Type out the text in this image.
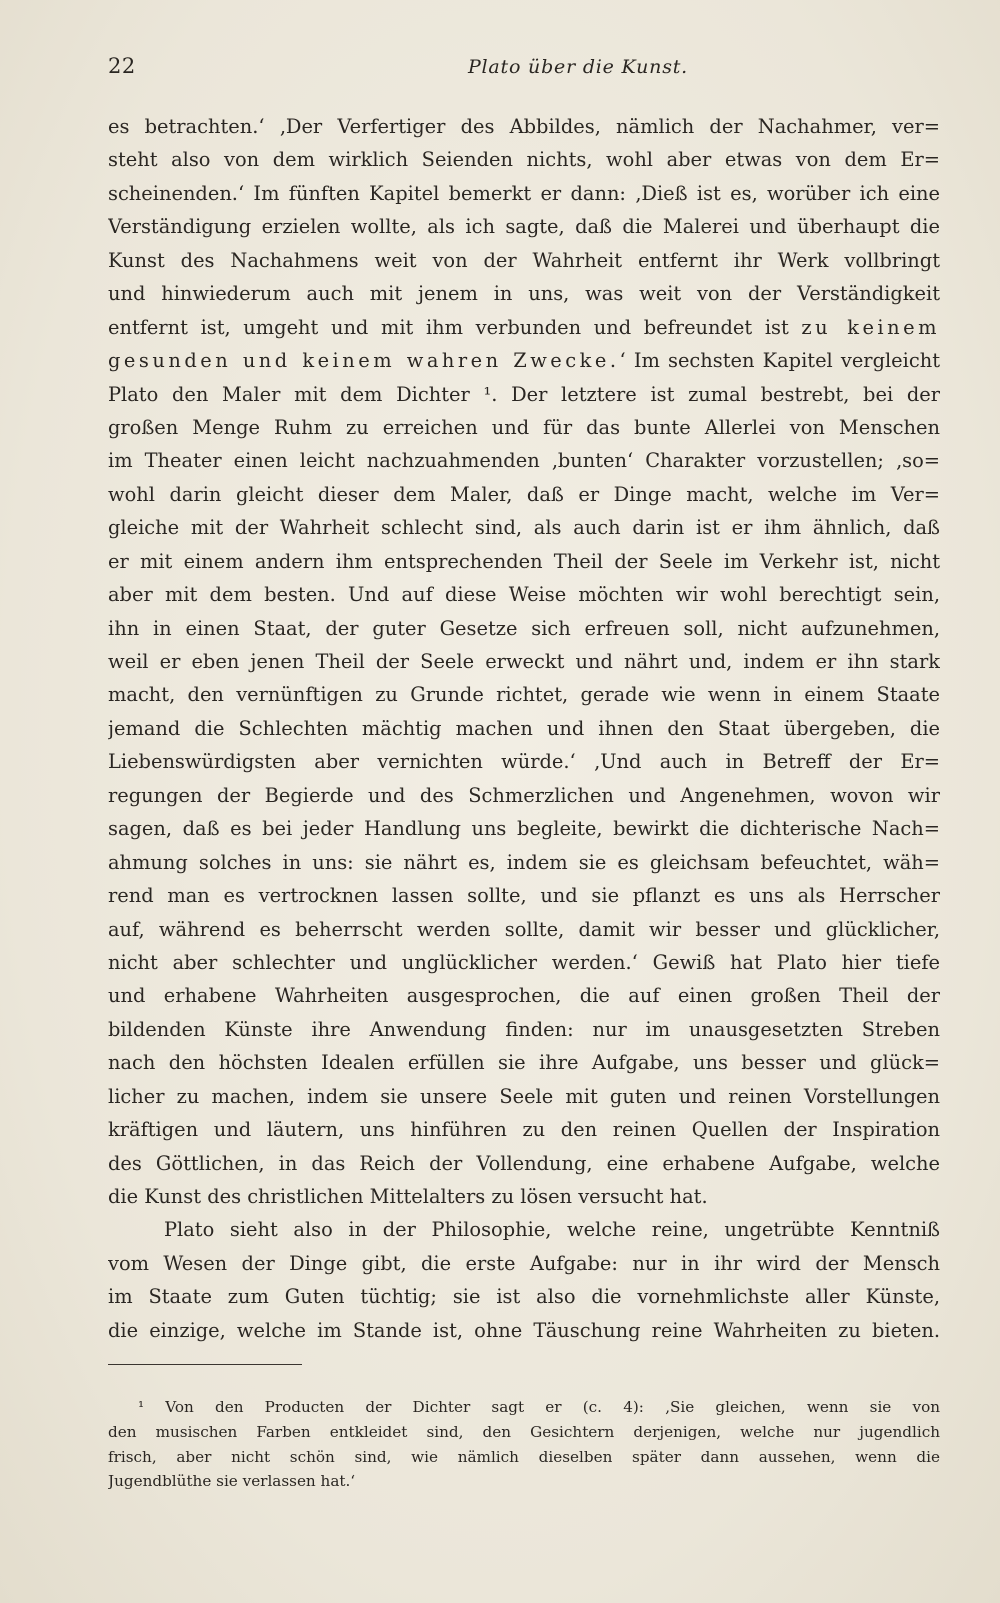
22	Plato über die Kunst.
es betrachten.‘ ‚Der Verfertiger des Abbildes, nämlich der Nachahmer, ver=
steht also von dem wirklich Seienden nichts, wohl aber etwas von dem Er=
scheinenden.‘ Im fünften Kapitel bemerkt er dann: ‚Dieß ist es, worüber ich eine
Verständigung erzielen wollte, als ich sagte, daß die Malerei und überhaupt die
Kunst des Nachahmens weit von der Wahrheit entfernt ihr Werk vollbringt
und hinwiederum auch mit jenem in uns, was weit von der Verständigkeit
entfernt ist, umgeht und mit ihm verbunden und befreundet ist zu keinem
gesunden und keinem wahren Zwecke.‘ Im sechsten Kapitel vergleicht
Plato den Maler mit dem Dichter ¹. Der letztere ist zumal bestrebt, bei der
großen Menge Ruhm zu erreichen und für das bunte Allerlei von Menschen
im Theater einen leicht nachzuahmenden ‚bunten‘ Charakter vorzustellen; ‚so=
wohl darin gleicht dieser dem Maler, daß er Dinge macht, welche im Ver=
gleiche mit der Wahrheit schlecht sind, als auch darin ist er ihm ähnlich, daß
er mit einem andern ihm entsprechenden Theil der Seele im Verkehr ist, nicht
aber mit dem besten. Und auf diese Weise möchten wir wohl berechtigt sein,
ihn in einen Staat, der guter Gesetze sich erfreuen soll, nicht aufzunehmen,
weil er eben jenen Theil der Seele erweckt und nährt und, indem er ihn stark
macht, den vernünftigen zu Grunde richtet, gerade wie wenn in einem Staate
jemand die Schlechten mächtig machen und ihnen den Staat übergeben, die
Liebenswürdigsten aber vernichten würde.‘ ‚Und auch in Betreff der Er=
regungen der Begierde und des Schmerzlichen und Angenehmen, wovon wir
sagen, daß es bei jeder Handlung uns begleite, bewirkt die dichterische Nach=
ahmung solches in uns: sie nährt es, indem sie es gleichsam befeuchtet, wäh=
rend man es vertrocknen lassen sollte, und sie pflanzt es uns als Herrscher
auf, während es beherrscht werden sollte, damit wir besser und glücklicher,
nicht aber schlechter und unglücklicher werden.‘ Gewiß hat Plato hier tiefe
und erhabene Wahrheiten ausgesprochen, die auf einen großen Theil der
bildenden Künste ihre Anwendung finden: nur im unausgesetzten Streben
nach den höchsten Idealen erfüllen sie ihre Aufgabe, uns besser und glück=
licher zu machen, indem sie unsere Seele mit guten und reinen Vorstellungen
kräftigen und läutern, uns hinführen zu den reinen Quellen der Inspiration
des Göttlichen, in das Reich der Vollendung, eine erhabene Aufgabe, welche
die Kunst des christlichen Mittelalters zu lösen versucht hat.
Plato sieht also in der Philosophie, welche reine, ungetrübte Kenntniß
vom Wesen der Dinge gibt, die erste Aufgabe: nur in ihr wird der Mensch
im Staate zum Guten tüchtig; sie ist also die vornehmlichste aller Künste,
die einzige, welche im Stande ist, ohne Täuschung reine Wahrheiten zu bieten.
¹ Von den Producten der Dichter sagt er (c. 4): ‚Sie gleichen, wenn sie von
den musischen Farben entkleidet sind, den Gesichtern derjenigen, welche nur jugendlich
frisch, aber nicht schön sind, wie nämlich dieselben später dann aussehen, wenn die
Jugendblüthe sie verlassen hat.‘
